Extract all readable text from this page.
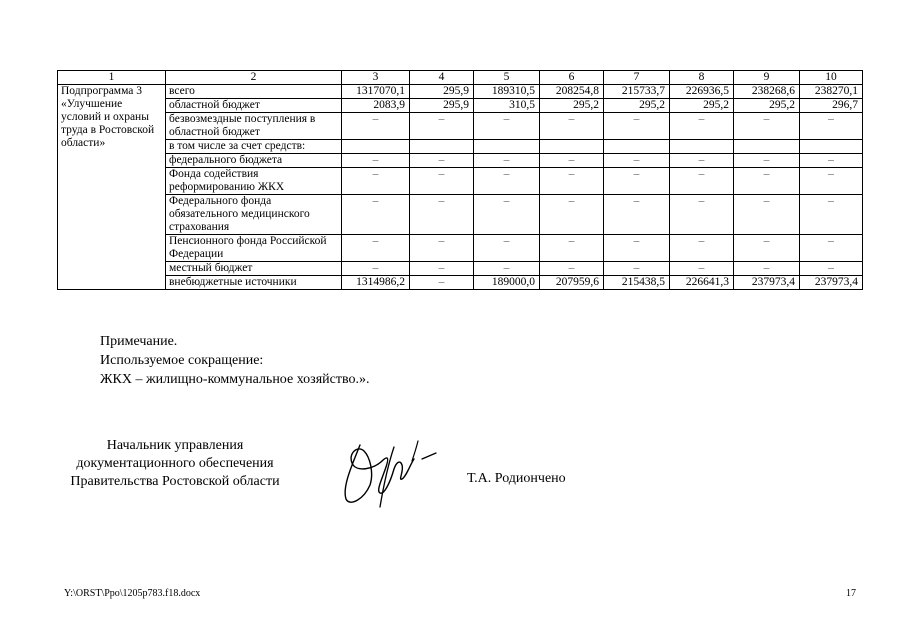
1	2	3	4	5	6	7	8	9	10
Подпрограмма 3 «Улучшение условий и охраны труда в Ростовской области»	всего	1317070,1	295,9	189310,5	208254,8	215733,7	226936,5	238268,6	238270,1
	областной бюджет	2083,9	295,9	310,5	295,2	295,2	295,2	295,2	296,7
	безвозмездные поступления в областной бюджет	–	–	–	–	–	–	–	–
	в том числе за счет средств:								
	федерального бюджета	–	–	–	–	–	–	–	–
	Фонда содействия реформированию ЖКХ	–	–	–	–	–	–	–	–
	Федерального фонда обязательного медицинского страхования	–	–	–	–	–	–	–	–
	Пенсионного фонда Российской Федерации	–	–	–	–	–	–	–	–
	местный бюджет	–	–	–	–	–	–	–	–
	внебюджетные источники	1314986,2	–	189000,0	207959,6	215438,5	226641,3	237973,4	237973,4
Примечание.
Используемое сокращение:
ЖКХ – жилищно-коммунальное хозяйство.».
Начальник управления
документационного обеспечения
Правительства Ростовской области	Т.А. Родиончено
Y:\ORST\Ppo\1205p783.f18.docx	17
